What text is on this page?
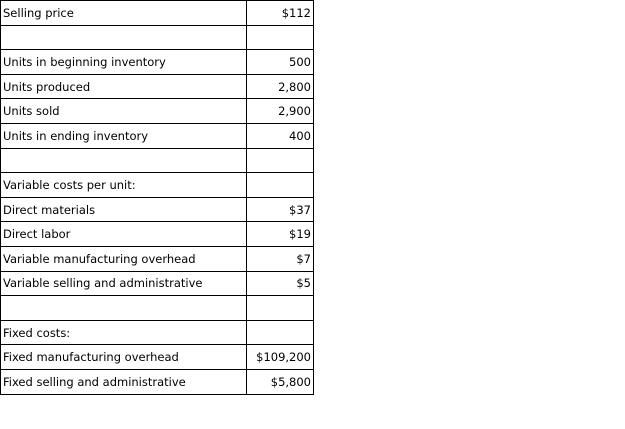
Selling price	$112

Units in beginning inventory	500
Units produced	2,800
Units sold	2,900
Units in ending inventory	400

Variable costs per unit:	
Direct materials	$37
Direct labor	$19
Variable manufacturing overhead	$7
Variable selling and administrative	$5

Fixed costs:	
Fixed manufacturing overhead	$109,200
Fixed selling and administrative	$5,800
